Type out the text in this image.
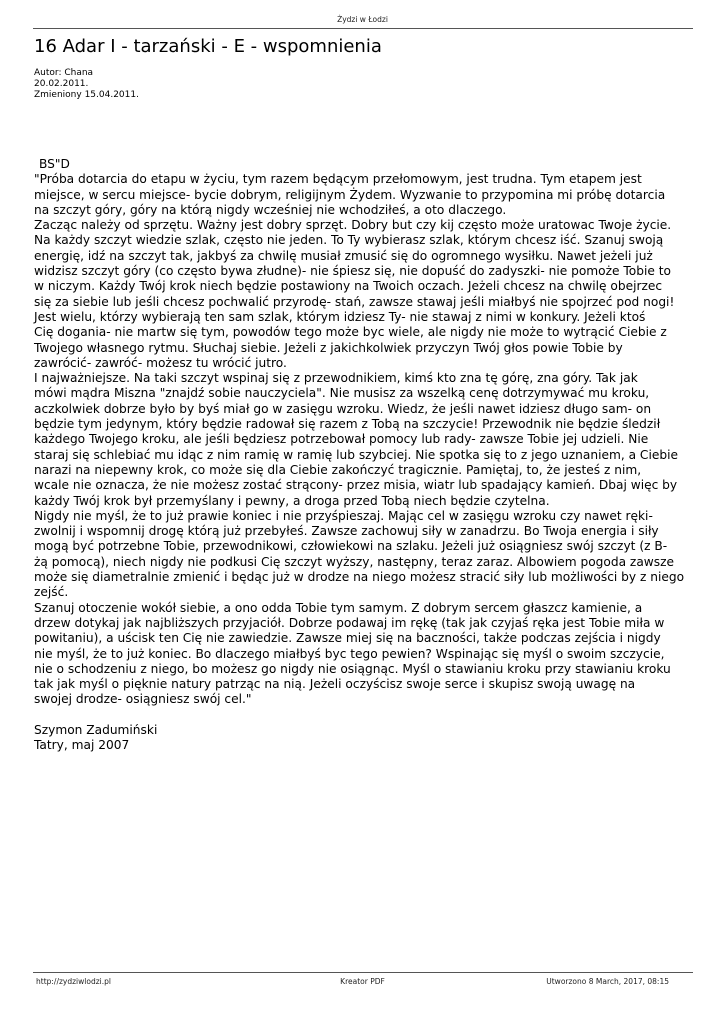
Żydzi w Łodzi
16 Adar I - tarzański - E - wspomnienia
Autor: Chana
20.02.2011.
Zmieniony 15.04.2011.

BS"D

"Próba dotarcia do etapu w życiu, tym razem będącym przełomowym, jest trudna. Tym etapem jest

miejsce, w sercu miejsce- bycie dobrym, religijnym Żydem. Wyzwanie to przypomina mi próbę dotarcia

na szczyt góry, góry na którą nigdy wcześniej nie wchodziłeś, a oto dlaczego.

Zacząc należy od sprzętu. Ważny jest dobry sprzęt. Dobry but czy kij często może uratowac Twoje życie.

Na każdy szczyt wiedzie szlak, często nie jeden. To Ty wybierasz szlak, którym chcesz iść. Szanuj swoją

energię, idź na szczyt tak, jakbyś za chwilę musiał zmusić się do ogromnego wysiłku. Nawet jeżeli już

widzisz szczyt góry (co często bywa złudne)- nie śpiesz się, nie dopuść do zadyszki- nie pomoże Tobie to

w niczym. Każdy Twój krok niech będzie postawiony na Twoich oczach. Jeżeli chcesz na chwilę obejrzec

się za siebie lub jeśli chcesz pochwalić przyrodę- stań, zawsze stawaj jeśli miałbyś nie spojrzeć pod nogi!

Jest wielu, którzy wybierają ten sam szlak, którym idziesz Ty- nie stawaj z nimi w konkury. Jeżeli ktoś

Cię dogania- nie martw się tym, powodów tego może byc wiele, ale nigdy nie może to wytrącić Ciebie z

Twojego własnego rytmu. Słuchaj siebie. Jeżeli z jakichkolwiek przyczyn Twój głos powie Tobie by

zawrócić- zawróć- możesz tu wrócić jutro.

I najważniejsze. Na taki szczyt wspinaj się z przewodnikiem, kimś kto zna tę górę, zna góry. Tak jak

mówi mądra Miszna "znajdź sobie nauczyciela". Nie musisz za wszelką cenę dotrzymywać mu kroku,

aczkolwiek dobrze było by byś miał go w zasięgu wzroku. Wiedz, że jeśli nawet idziesz długo sam- on

będzie tym jedynym, który będzie radował się razem z Tobą na szczycie! Przewodnik nie będzie śledził

każdego Twojego kroku, ale jeśli będziesz potrzebował pomocy lub rady- zawsze Tobie jej udzieli. Nie

staraj się schlebiać mu idąc z nim ramię w ramię lub szybciej. Nie spotka się to z jego uznaniem, a Ciebie

narazi na niepewny krok, co może się dla Ciebie zakończyć tragicznie. Pamiętaj, to, że jesteś z nim,

wcale nie oznacza, że nie możesz zostać strącony- przez misia, wiatr lub spadający kamień. Dbaj więc by

każdy Twój krok był przemyślany i pewny, a droga przed Tobą niech będzie czytelna.

Nigdy nie myśl, że to już prawie koniec i nie przyśpieszaj. Mając cel w zasięgu wzroku czy nawet ręki-

zwolnij i wspomnij drogę którą już przebyłeś. Zawsze zachowuj siły w zanadrzu. Bo Twoja energia i siły

mogą być potrzebne Tobie, przewodnikowi, człowiekowi na szlaku. Jeżeli już osiągniesz swój szczyt (z B-

żą pomocą), niech nigdy nie podkusi Cię szczyt wyższy, następny, teraz zaraz. Albowiem pogoda zawsze

może się diametralnie zmienić i będąc już w drodze na niego możesz stracić siły lub możliwości by z niego

zejść.

Szanuj otoczenie wokół siebie, a ono odda Tobie tym samym. Z dobrym sercem głaszcz kamienie, a

drzew dotykaj jak najbliższych przyjaciół. Dobrze podawaj im rękę (tak jak czyjaś ręka jest Tobie miła w

powitaniu), a uścisk ten Cię nie zawiedzie. Zawsze miej się na baczności, także podczas zejścia i nigdy

nie myśl, że to już koniec. Bo dlaczego miałbyś byc tego pewien? Wspinając się myśl o swoim szczycie,

nie o schodzeniu z niego, bo możesz go nigdy nie osiągnąc. Myśl o stawianiu kroku przy stawianiu kroku

tak jak myśl o pięknie natury patrząc na nią. Jeżeli oczyścisz swoje serce i skupisz swoją uwagę na

swojej drodze- osiągniesz swój cel."

Szymon Zadumiński

Tatry, maj 2007

http://zydziwlodzi.pl	Kreator PDF	Utworzono 8 March, 2017, 08:15
